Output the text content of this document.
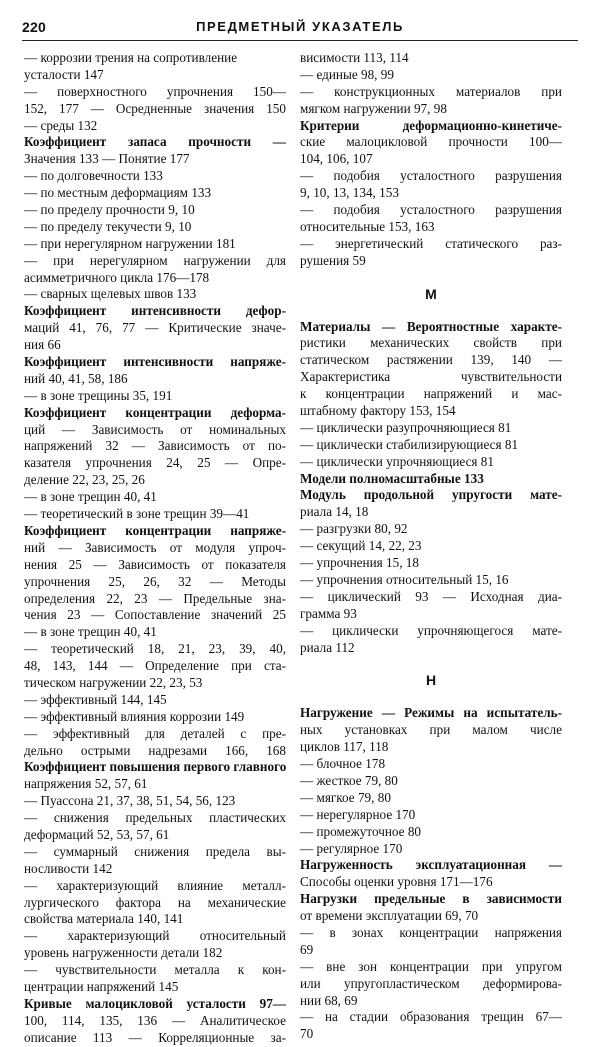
220	ПРЕДМЕТНЫЙ УКАЗАТЕЛЬ

— коррозии трения на сопротивление

усталости 147

— поверхностного упрочнения 150—

152, 177 — Осредненные значения 150

— среды 132

Коэффициент запаса прочности —

Значения 133 — Понятие 177

— по долговечности 133

— по местным деформациям 133

— по пределу прочности 9, 10

— по пределу текучести 9, 10

— при нерегулярном нагружении 181

— при нерегулярном нагружении для

асимметричного цикла 176—178

— сварных щелевых швов 133

Коэффициент интенсивности дефор-

маций 41, 76, 77 — Критические значе-

ния 66

Коэффициент интенсивности напряже-

ний 40, 41, 58, 186

— в зоне трещины 35, 191

Коэффициент концентрации деформа-

ций — Зависимость от номинальных

напряжений 32 — Зависимость от по-

казателя упрочнения 24, 25 — Опре-

деление 22, 23, 25, 26

— в зоне трещин 40, 41

— теоретический в зоне трещин 39—41

Коэффициент концентрации напряже-

ний — Зависимость от модуля упроч-

нения 25 — Зависимость от показателя

упрочнения 25, 26, 32 — Методы

определения 22, 23 — Предельные зна-

чения 23 — Сопоставление значений 25

— в зоне трещин 40, 41

— теоретический 18, 21, 23, 39, 40,

48, 143, 144 — Определение при ста-

тическом нагружении 22, 23, 53

— эффективный 144, 145

— эффективный влияния коррозии 149

— эффективный для деталей с пре-

дельно острыми надрезами 166, 168

Коэффициент повышения первого главного

напряжения 52, 57, 61

— Пуассона 21, 37, 38, 51, 54, 56, 123

— снижения предельных пластических

деформаций 52, 53, 57, 61

— суммарный снижения предела вы-

носливости 142

— характеризующий влияние металл-

лургического фактора на механические

свойства материала 140, 141

— характеризующий относительный

уровень нагруженности детали 182

— чувствительности металла к кон-

центрации напряжений 145

Кривые малоцикловой усталости 97—

100, 114, 135, 136 — Аналитическое

описание 113 — Корреляционные за-

висимости 113, 114

— единые 98, 99

— конструкционных материалов при

мягком нагружении 97, 98

Критерии деформационно-кинетиче-

ские малоцикловой прочности 100—

104, 106, 107

— подобия усталостного разрушения

9, 10, 13, 134, 153

— подобия усталостного разрушения

относительные 153, 163

— энергетический статического раз-

рушения 59

М

Материалы — Вероятностные характе-

ристики механических свойств при

статическом растяжении 139, 140 —

Характеристика чувствительности

к концентрации напряжений и мас-

штабному фактору 153, 154

— циклически разупрочняющиеся 81

— циклически стабилизирующиеся 81

— циклически упрочняющиеся 81

Модели полномасштабные 133

Модуль продольной упругости мате-

риала 14, 18

— разгрузки 80, 92

— секущий 14, 22, 23

— упрочнения 15, 18

— упрочнения относительный 15, 16

— циклический 93 — Исходная диа-

грамма 93

— циклически упрочняющегося мате-

риала 112

Н

Нагружение — Режимы на испытатель-

ных установках при малом числе

циклов 117, 118

— блочное 178

— жесткое 79, 80

— мягкое 79, 80

— нерегулярное 170

— промежуточное 80

— регулярное 170

Нагруженность эксплуатационная —

Способы оценки уровня 171—176

Нагрузки предельные в зависимости

от времени эксплуатации 69, 70

— в зонах концентрации напряжения

69

— вне зон концентрации при упругом

или упругопластическом деформирова-

нии 68, 69

— на стадии образования трещин 67—

70
